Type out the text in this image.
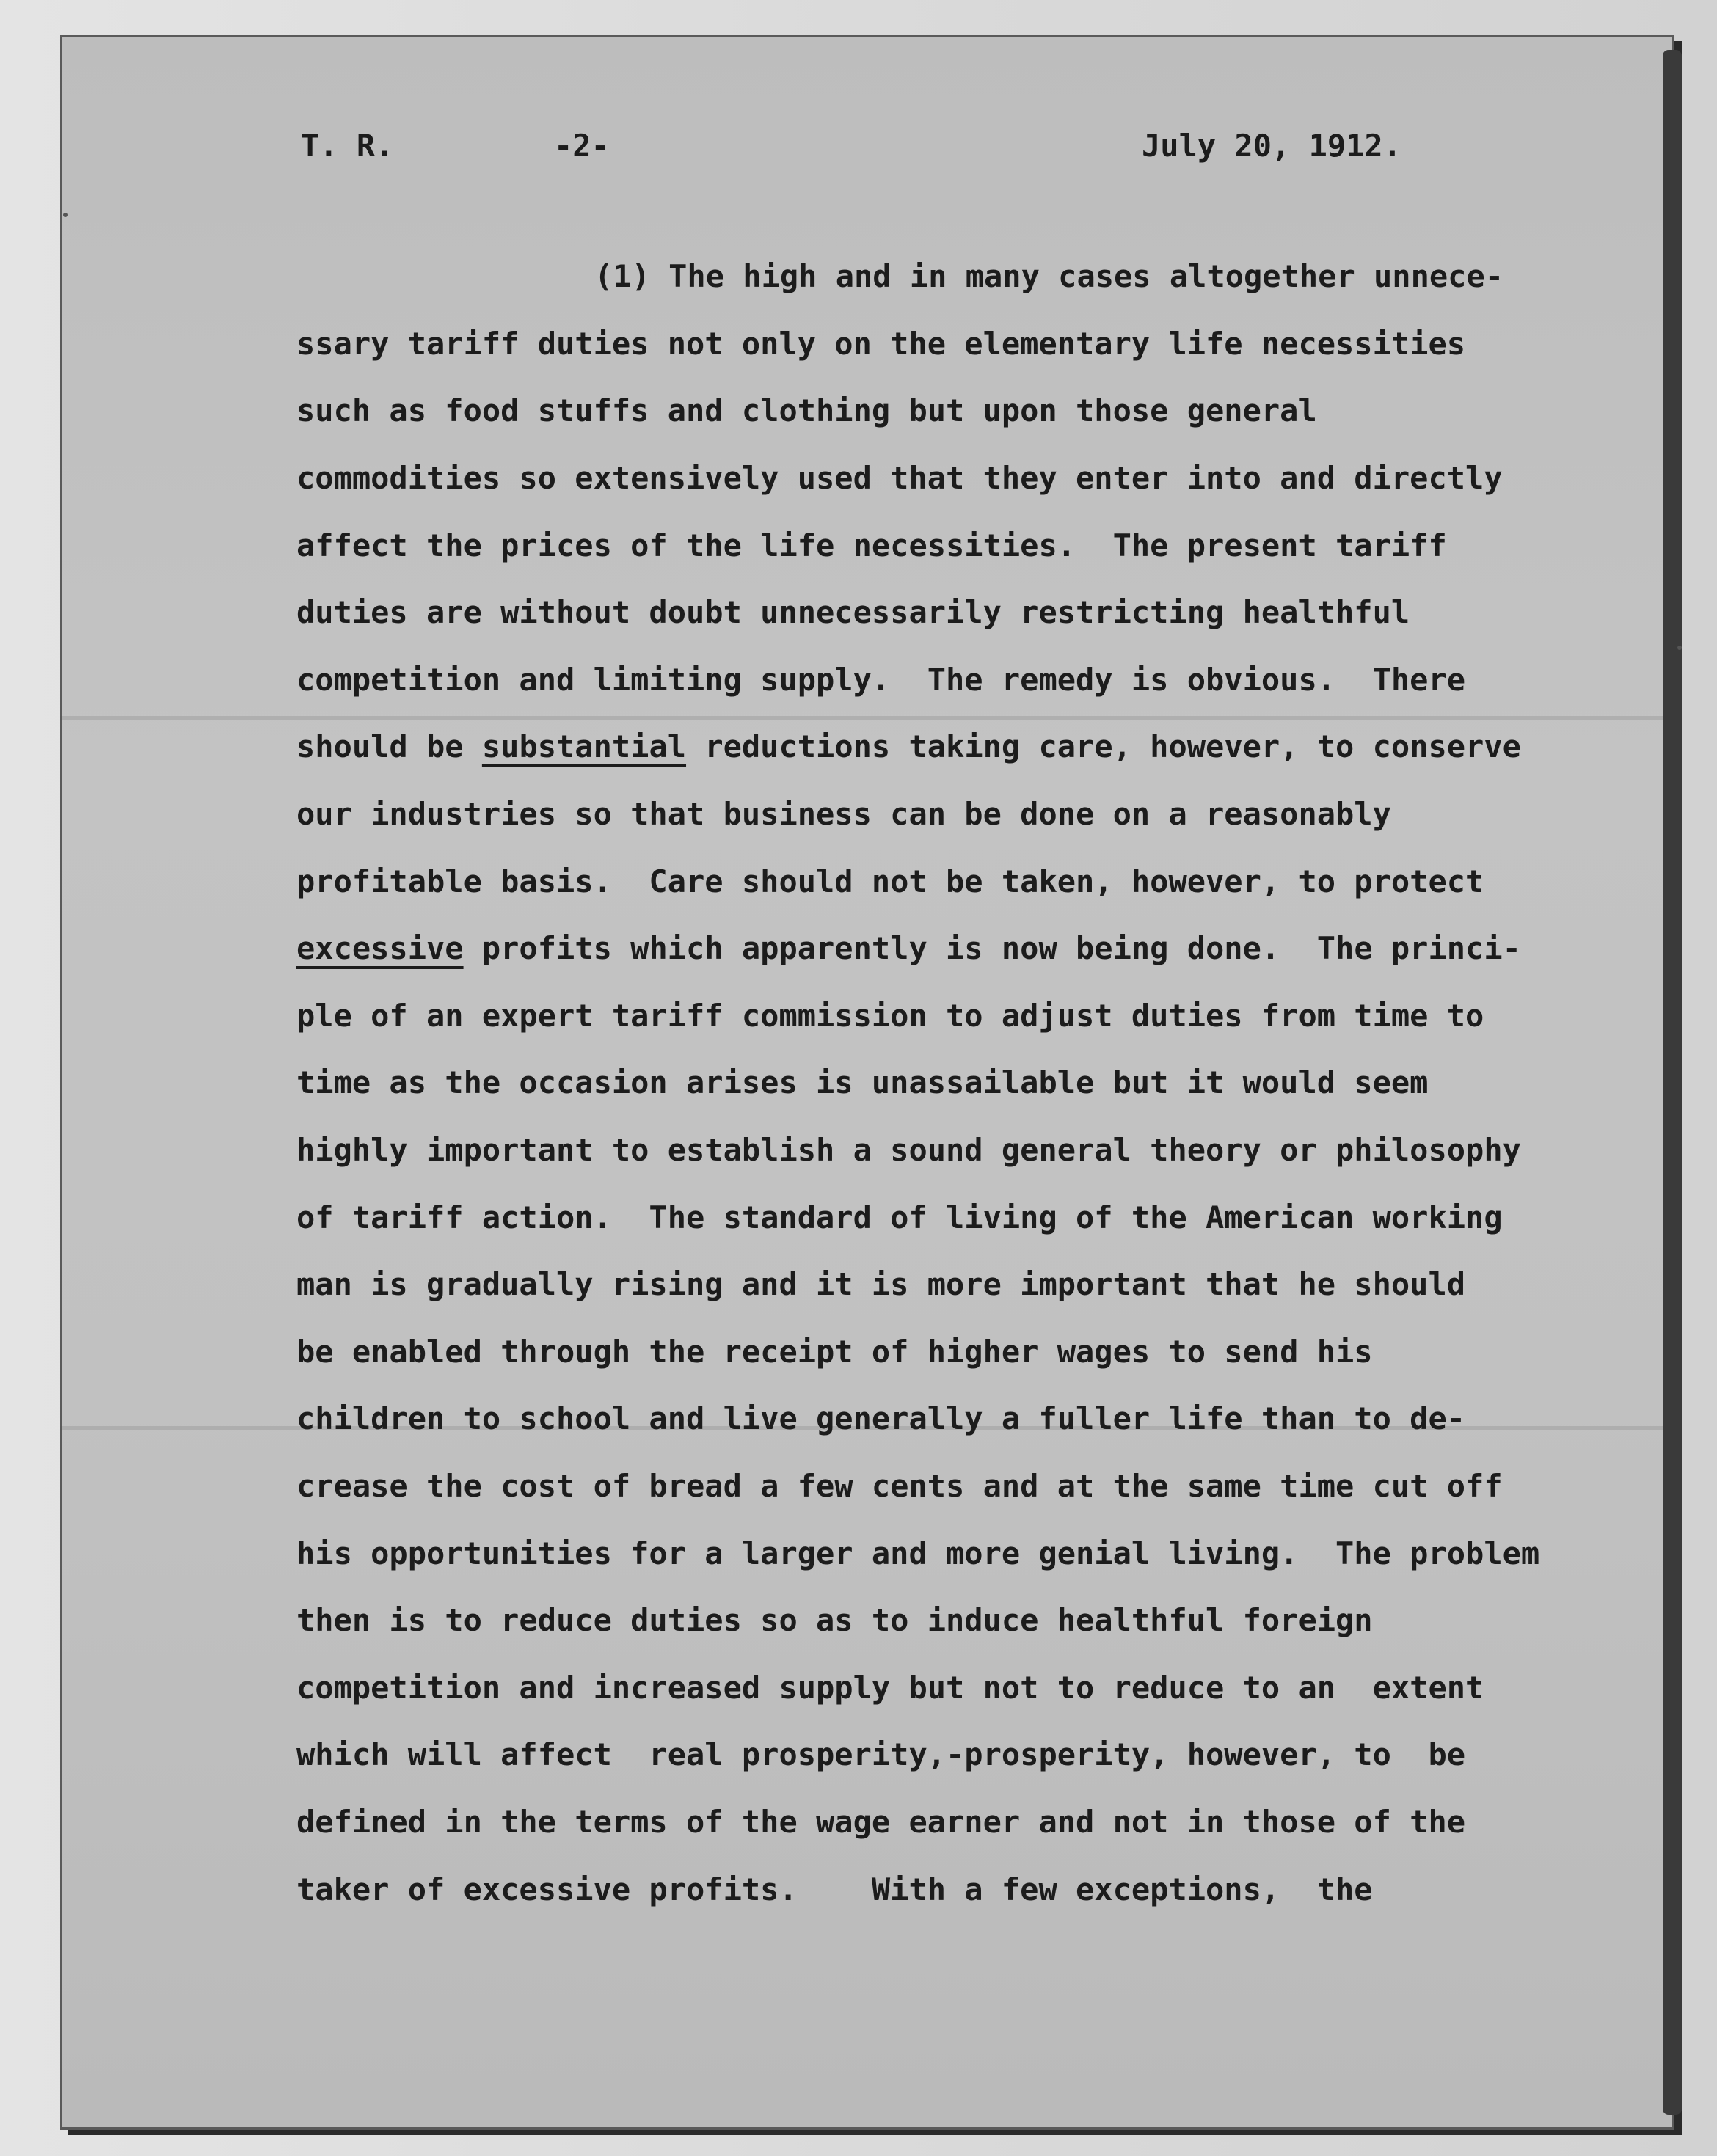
T. R.	-2-	July 20, 1912.
(1) The high and in many cases altogether unnece-
ssary tariff duties not only on the elementary life necessities
such as food stuffs and clothing but upon those general
commodities so extensively used that they enter into and directly
affect the prices of the life necessities.  The present tariff
duties are without doubt unnecessarily restricting healthful
competition and limiting supply.  The remedy is obvious.  There
should be substantial reductions taking care, however, to conserve
our industries so that business can be done on a reasonably
profitable basis.  Care should not be taken, however, to protect
excessive profits which apparently is now being done.  The princi-
ple of an expert tariff commission to adjust duties from time to
time as the occasion arises is unassailable but it would seem
highly important to establish a sound general theory or philosophy
of tariff action.  The standard of living of the American working
man is gradually rising and it is more important that he should
be enabled through the receipt of higher wages to send his
children to school and live generally a fuller life than to de-
crease the cost of bread a few cents and at the same time cut off
his opportunities for a larger and more genial living.  The problem
then is to reduce duties so as to induce healthful foreign
competition and increased supply but not to reduce to an  extent
which will affect  real prosperity,-prosperity, however, to  be
defined in the terms of the wage earner and not in those of the
taker of excessive profits.    With a few exceptions,  the
